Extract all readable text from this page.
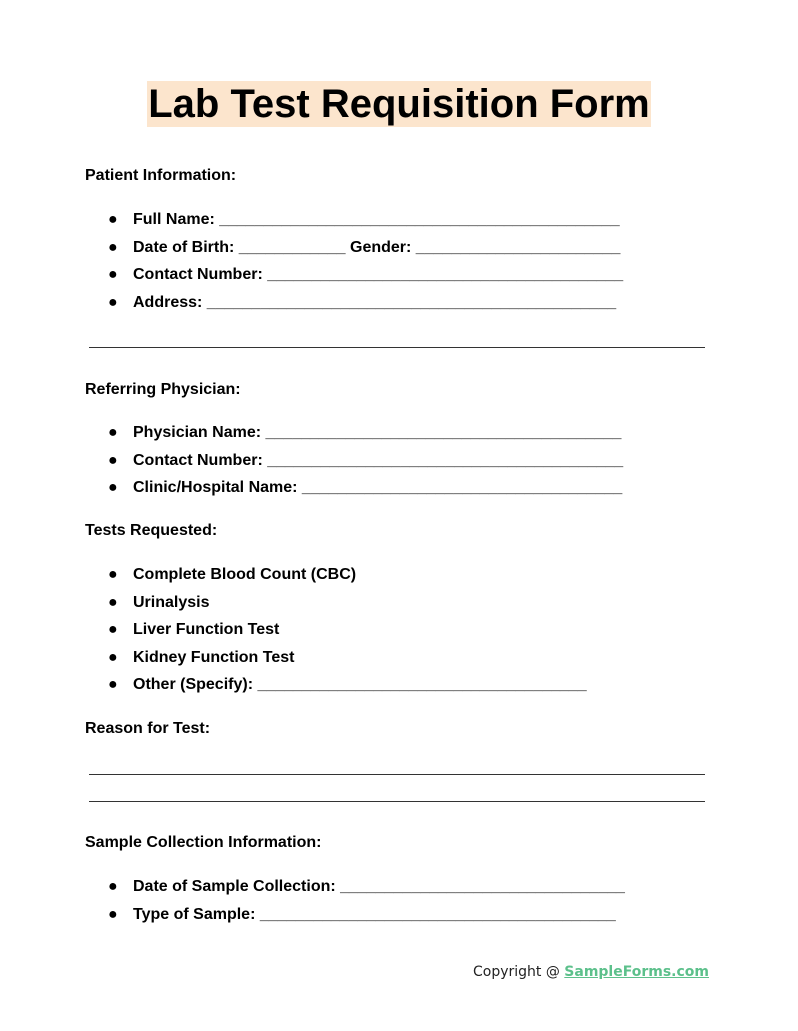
Lab Test Requisition Form

Patient Information:

● Full Name: _____________________________________________
● Date of Birth: ____________ Gender: _______________________
● Contact Number: ________________________________________
● Address: ______________________________________________

Referring Physician:

● Physician Name: ________________________________________
● Contact Number: ________________________________________
● Clinic/Hospital Name: ____________________________________

Tests Requested:

● Complete Blood Count (CBC)
● Urinalysis
● Liver Function Test
● Kidney Function Test
● Other (Specify): _____________________________________

Reason for Test:

Sample Collection Information:

● Date of Sample Collection: ________________________________
● Type of Sample: ________________________________________
Copyright @ SampleForms.com
